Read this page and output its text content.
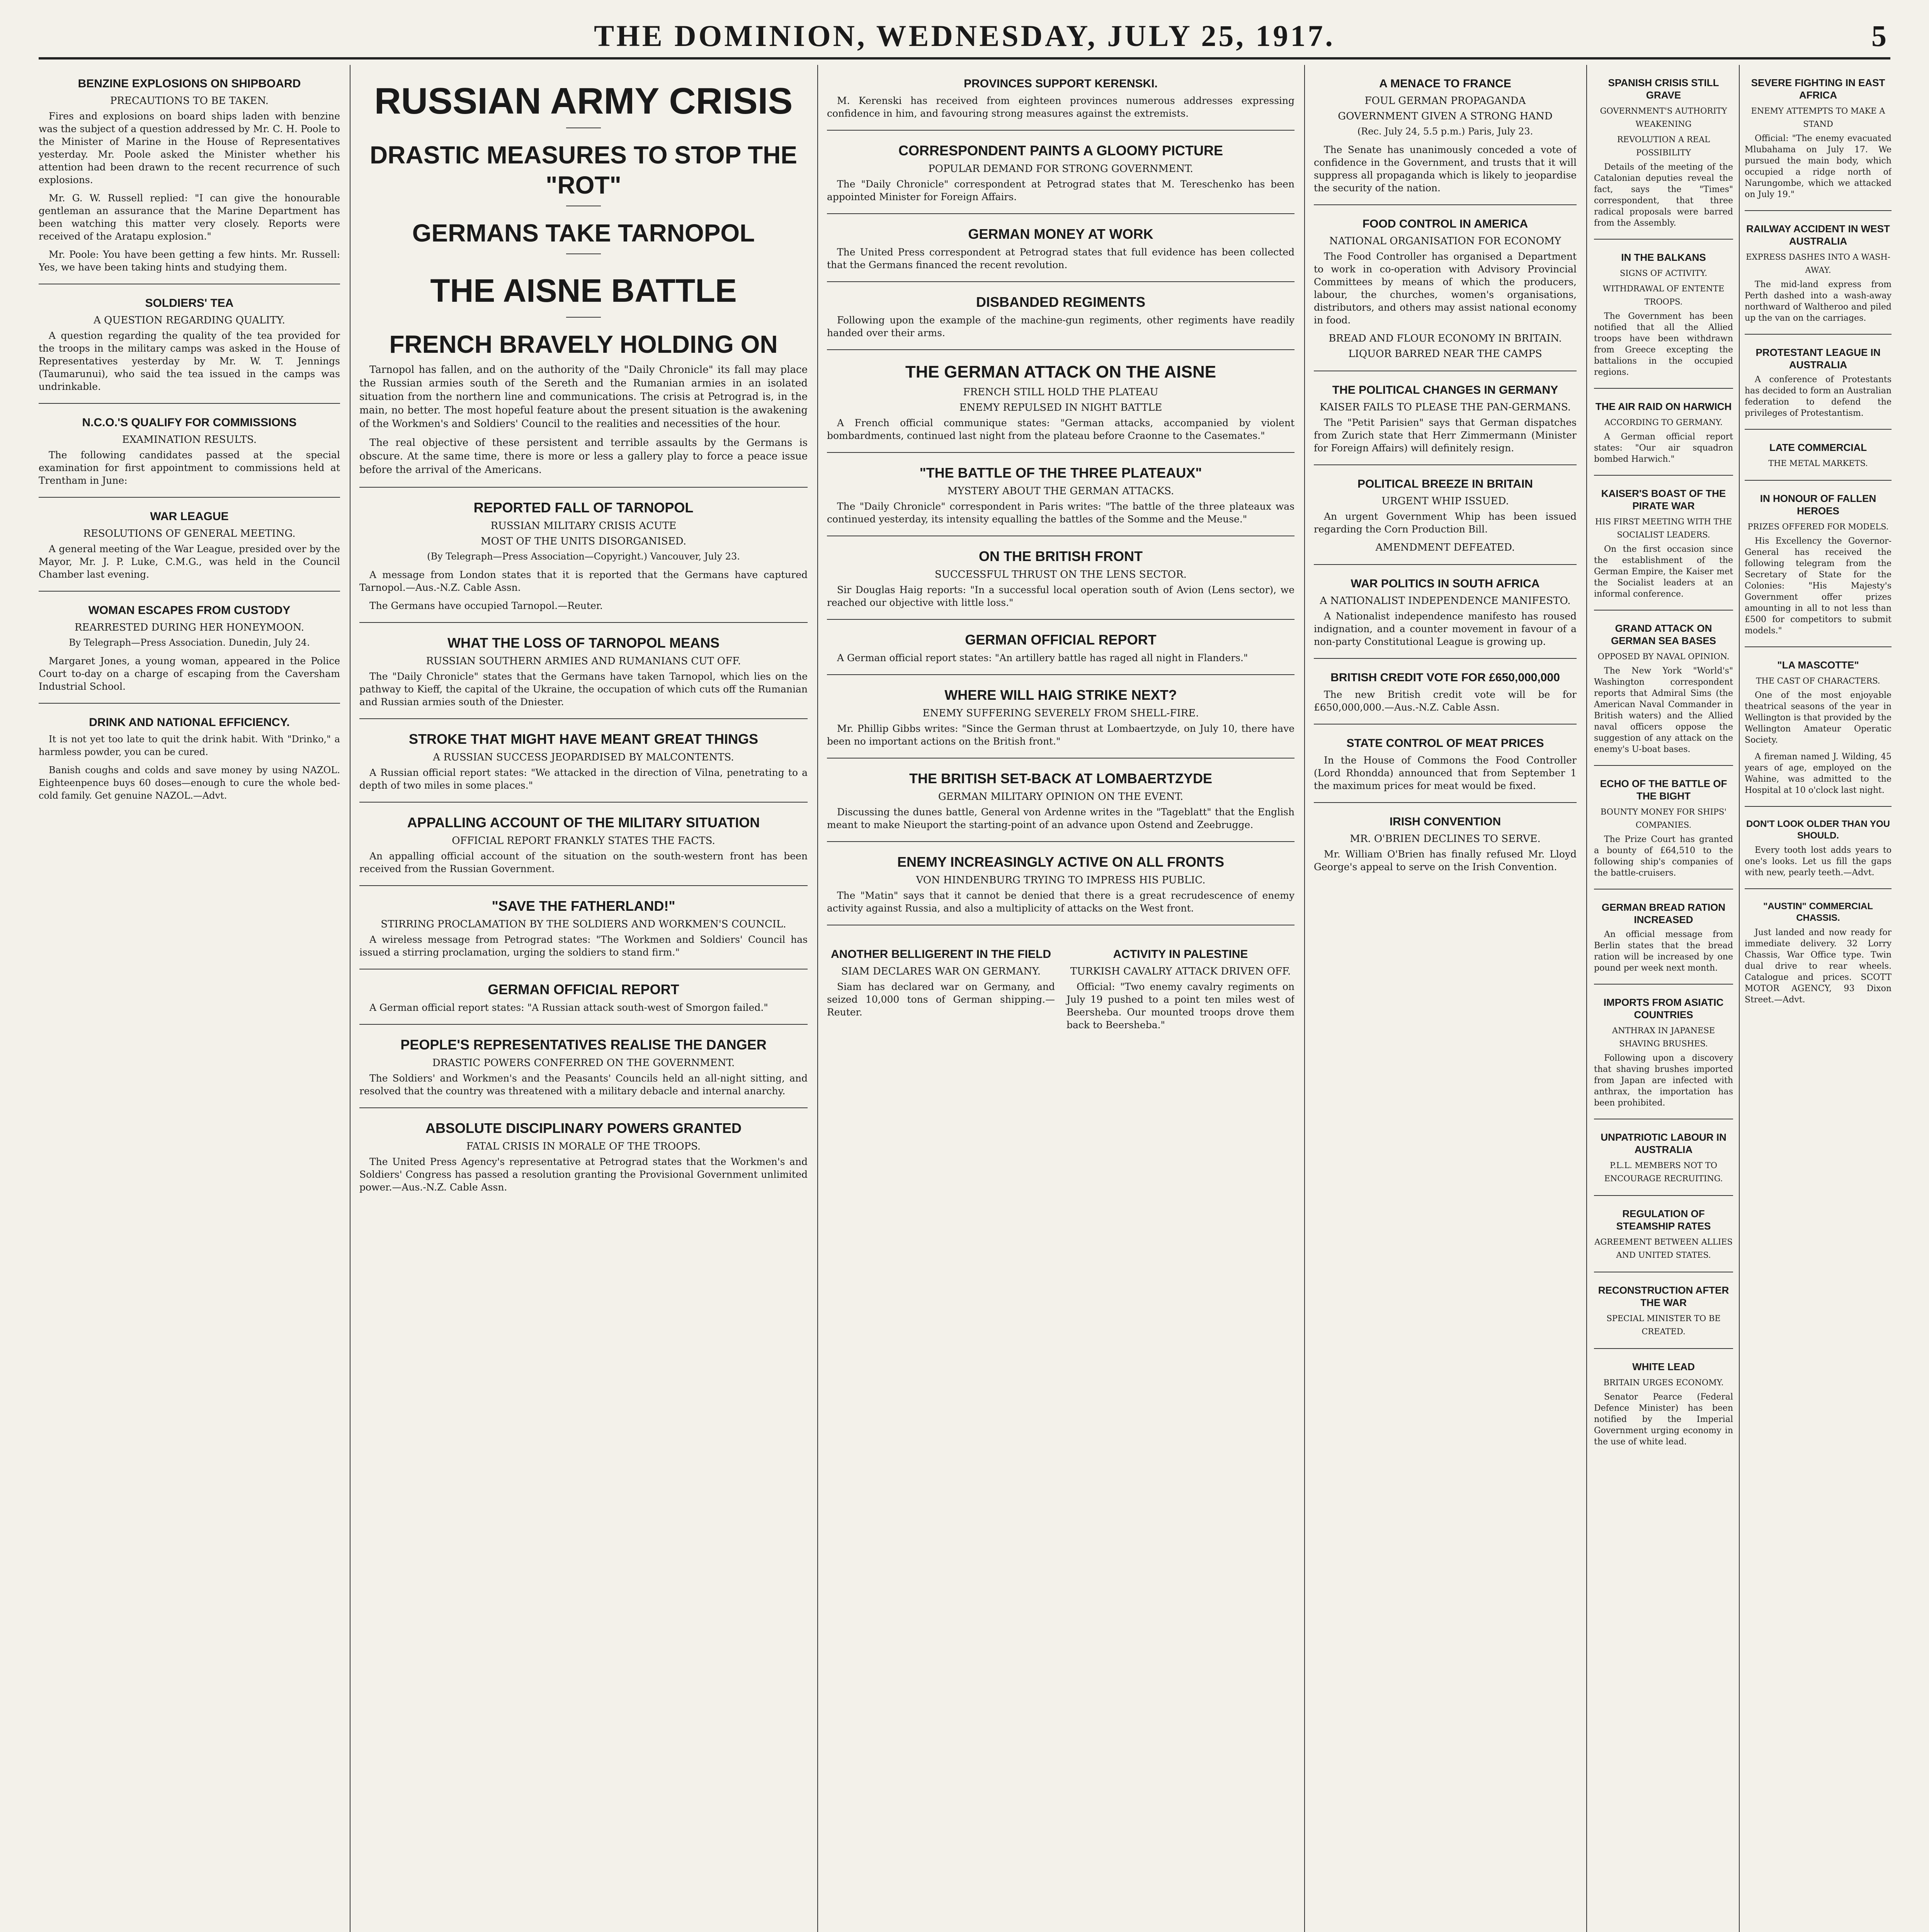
THE DOMINION, WEDNESDAY, JULY 25, 1917.	5
BENZINE EXPLOSIONS ON SHIPBOARD
PRECAUTIONS TO BE TAKEN.

Fires and explosions on board ships laden with benzine was the subject of a question addressed by Mr. C. H. Poole to the Minister of Marine in the House of Representatives yesterday. Mr. Poole asked the Minister whether his attention had been drawn to the recent recurrence of such explosions.

Mr. G. W. Russell replied: "I can give the honourable gentleman an assurance that the Marine Department has been watching this matter very closely. Reports were received of the Aratapu explosion."

Mr. Poole: You have been getting a few hints. Mr. Russell: Yes, we have been taking hints and studying them.

SOLDIERS' TEA
A QUESTION REGARDING QUALITY.

A question regarding the quality of the tea provided for the troops in the military camps was asked in the House of Representatives yesterday by Mr. W. T. Jennings (Taumarunui), who said the tea issued in the camps was undrinkable.

N.C.O.'S QUALIFY FOR COMMISSIONS
EXAMINATION RESULTS.

The following candidates passed at the special examination for first appointment to commissions held at Trentham in June:

WAR LEAGUE
RESOLUTIONS OF GENERAL MEETING.

A general meeting of the War League, presided over by the Mayor, Mr. J. P. Luke, C.M.G., was held in the Council Chamber last evening.

WOMAN ESCAPES FROM CUSTODY
REARRESTED DURING HER HONEYMOON.
By Telegraph—Press Association. Dunedin, July 24.

Margaret Jones, a young woman, appeared in the Police Court to-day on a charge of escaping from the Caversham Industrial School.

DRINK AND NATIONAL EFFICIENCY.

It is not yet too late to quit the drink habit. With "Drinko," a harmless powder, you can be cured.

Banish coughs and colds and save money by using NAZOL. Eighteenpence buys 60 doses—enough to cure the whole bed-cold family. Get genuine NAZOL.—Advt.

RUSSIAN ARMY CRISIS
DRASTIC MEASURES TO STOP THE "ROT"
GERMANS TAKE TARNOPOL
THE AISNE BATTLE
FRENCH BRAVELY HOLDING ON

Tarnopol has fallen, and on the authority of the "Daily Chronicle" its fall may place the Russian armies south of the Sereth and the Rumanian armies in an isolated situation from the northern line and communications. The crisis at Petrograd is, in the main, no better. The most hopeful feature about the present situation is the awakening of the Workmen's and Soldiers' Council to the realities and necessities of the hour.

The real objective of these persistent and terrible assaults by the Germans is obscure. At the same time, there is more or less a gallery play to force a peace issue before the arrival of the Americans.

REPORTED FALL OF TARNOPOL
RUSSIAN MILITARY CRISIS ACUTE
MOST OF THE UNITS DISORGANISED.
(By Telegraph—Press Association—Copyright.) Vancouver, July 23.

A message from London states that it is reported that the Germans have captured Tarnopol.—Aus.-N.Z. Cable Assn.

The Germans have occupied Tarnopol.—Reuter.

WHAT THE LOSS OF TARNOPOL MEANS
RUSSIAN SOUTHERN ARMIES AND RUMANIANS CUT OFF.

The "Daily Chronicle" states that the Germans have taken Tarnopol, which lies on the pathway to Kieff, the capital of the Ukraine, the occupation of which cuts off the Rumanian and Russian armies south of the Dniester.

STROKE THAT MIGHT HAVE MEANT GREAT THINGS
A RUSSIAN SUCCESS JEOPARDISED BY MALCONTENTS.

A Russian official report states: "We attacked in the direction of Vilna, penetrating to a depth of two miles in some places."

APPALLING ACCOUNT OF THE MILITARY SITUATION
OFFICIAL REPORT FRANKLY STATES THE FACTS.

An appalling official account of the situation on the south-western front has been received from the Russian Government.

"SAVE THE FATHERLAND!"
STIRRING PROCLAMATION BY THE SOLDIERS AND WORKMEN'S COUNCIL.

A wireless message from Petrograd states: "The Workmen and Soldiers' Council has issued a stirring proclamation, urging the soldiers to stand firm."

GERMAN OFFICIAL REPORT

A German official report states: "A Russian attack south-west of Smorgon failed."

PEOPLE'S REPRESENTATIVES REALISE THE DANGER
DRASTIC POWERS CONFERRED ON THE GOVERNMENT.

The Soldiers' and Workmen's and the Peasants' Councils held an all-night sitting, and resolved that the country was threatened with a military debacle and internal anarchy.

ABSOLUTE DISCIPLINARY POWERS GRANTED
FATAL CRISIS IN MORALE OF THE TROOPS.

The United Press Agency's representative at Petrograd states that the Workmen's and Soldiers' Congress has passed a resolution granting the Provisional Government unlimited power.—Aus.-N.Z. Cable Assn.

PROVINCES SUPPORT KERENSKI.

M. Kerenski has received from eighteen provinces numerous addresses expressing confidence in him, and favouring strong measures against the extremists.

CORRESPONDENT PAINTS A GLOOMY PICTURE
POPULAR DEMAND FOR STRONG GOVERNMENT.

The "Daily Chronicle" correspondent at Petrograd states that M. Tereschenko has been appointed Minister for Foreign Affairs.

GERMAN MONEY AT WORK

The United Press correspondent at Petrograd states that full evidence has been collected that the Germans financed the recent revolution.

DISBANDED REGIMENTS

Following upon the example of the machine-gun regiments, other regiments have readily handed over their arms.

THE GERMAN ATTACK ON THE AISNE
FRENCH STILL HOLD THE PLATEAU
ENEMY REPULSED IN NIGHT BATTLE

A French official communique states: "German attacks, accompanied by violent bombardments, continued last night from the plateau before Craonne to the Casemates."

"THE BATTLE OF THE THREE PLATEAUX"
MYSTERY ABOUT THE GERMAN ATTACKS.

The "Daily Chronicle" correspondent in Paris writes: "The battle of the three plateaux was continued yesterday, its intensity equalling the battles of the Somme and the Meuse."

ON THE BRITISH FRONT
SUCCESSFUL THRUST ON THE LENS SECTOR.

Sir Douglas Haig reports: "In a successful local operation south of Avion (Lens sector), we reached our objective with little loss."

GERMAN OFFICIAL REPORT

A German official report states: "An artillery battle has raged all night in Flanders."

WHERE WILL HAIG STRIKE NEXT?
ENEMY SUFFERING SEVERELY FROM SHELL-FIRE.

Mr. Phillip Gibbs writes: "Since the German thrust at Lombaertzyde, on July 10, there have been no important actions on the British front."

THE BRITISH SET-BACK AT LOMBAERTZYDE
GERMAN MILITARY OPINION ON THE EVENT.

Discussing the dunes battle, General von Ardenne writes in the "Tageblatt" that the English meant to make Nieuport the starting-point of an advance upon Ostend and Zeebrugge.

ENEMY INCREASINGLY ACTIVE ON ALL FRONTS
VON HINDENBURG TRYING TO IMPRESS HIS PUBLIC.

The "Matin" says that it cannot be denied that there is a great recrudescence of enemy activity against Russia, and also a multiplicity of attacks on the West front.

ANOTHER BELLIGERENT IN THE FIELD
SIAM DECLARES WAR ON GERMANY.

Siam has declared war on Germany, and seized 10,000 tons of German shipping.—Reuter.

ACTIVITY IN PALESTINE
TURKISH CAVALRY ATTACK DRIVEN OFF.

Official: "Two enemy cavalry regiments on July 19 pushed to a point ten miles west of Beersheba. Our mounted troops drove them back to Beersheba."

A MENACE TO FRANCE
FOUL GERMAN PROPAGANDA
GOVERNMENT GIVEN A STRONG HAND
(Rec. July 24, 5.5 p.m.) Paris, July 23.

The Senate has unanimously conceded a vote of confidence in the Government, and trusts that it will suppress all propaganda which is likely to jeopardise the security of the nation.

FOOD CONTROL IN AMERICA
NATIONAL ORGANISATION FOR ECONOMY

The Food Controller has organised a Department to work in co-operation with Advisory Provincial Committees by means of which the producers, labour, the churches, women's organisations, distributors, and others may assist national economy in food.

BREAD AND FLOUR ECONOMY IN BRITAIN.
LIQUOR BARRED NEAR THE CAMPS
THE POLITICAL CHANGES IN GERMANY
KAISER FAILS TO PLEASE THE PAN-GERMANS.

The "Petit Parisien" says that German dispatches from Zurich state that Herr Zimmermann (Minister for Foreign Affairs) will definitely resign.

POLITICAL BREEZE IN BRITAIN
URGENT WHIP ISSUED.

An urgent Government Whip has been issued regarding the Corn Production Bill.

AMENDMENT DEFEATED.
WAR POLITICS IN SOUTH AFRICA
A NATIONALIST INDEPENDENCE MANIFESTO.

A Nationalist independence manifesto has roused indignation, and a counter movement in favour of a non-party Constitutional League is growing up.

BRITISH CREDIT VOTE FOR £650,000,000

The new British credit vote will be for £650,000,000.—Aus.-N.Z. Cable Assn.

STATE CONTROL OF MEAT PRICES

In the House of Commons the Food Controller (Lord Rhondda) announced that from September 1 the maximum prices for meat would be fixed.

IRISH CONVENTION
MR. O'BRIEN DECLINES TO SERVE.

Mr. William O'Brien has finally refused Mr. Lloyd George's appeal to serve on the Irish Convention.

SPANISH CRISIS STILL GRAVE
GOVERNMENT'S AUTHORITY WEAKENING
REVOLUTION A REAL POSSIBILITY

Details of the meeting of the Catalonian deputies reveal the fact, says the "Times" correspondent, that three radical proposals were barred from the Assembly.

IN THE BALKANS
SIGNS OF ACTIVITY.
WITHDRAWAL OF ENTENTE TROOPS.

The Government has been notified that all the Allied troops have been withdrawn from Greece excepting the battalions in the occupied regions.

THE AIR RAID ON HARWICH
ACCORDING TO GERMANY.

A German official report states: "Our air squadron bombed Harwich."

KAISER'S BOAST OF THE PIRATE WAR
HIS FIRST MEETING WITH THE SOCIALIST LEADERS.

On the first occasion since the establishment of the German Empire, the Kaiser met the Socialist leaders at an informal conference.

GRAND ATTACK ON GERMAN SEA BASES
OPPOSED BY NAVAL OPINION.

The New York "World's" Washington correspondent reports that Admiral Sims (the American Naval Commander in British waters) and the Allied naval officers oppose the suggestion of any attack on the enemy's U-boat bases.

ECHO OF THE BATTLE OF THE BIGHT
BOUNTY MONEY FOR SHIPS' COMPANIES.

The Prize Court has granted a bounty of £64,510 to the following ship's companies of the battle-cruisers.

GERMAN BREAD RATION INCREASED

An official message from Berlin states that the bread ration will be increased by one pound per week next month.

IMPORTS FROM ASIATIC COUNTRIES
ANTHRAX IN JAPANESE SHAVING BRUSHES.

Following upon a discovery that shaving brushes imported from Japan are infected with anthrax, the importation has been prohibited.

UNPATRIOTIC LABOUR IN AUSTRALIA
P.L.L. MEMBERS NOT TO ENCOURAGE RECRUITING.
REGULATION OF STEAMSHIP RATES
AGREEMENT BETWEEN ALLIES AND UNITED STATES.
RECONSTRUCTION AFTER THE WAR
SPECIAL MINISTER TO BE CREATED.
WHITE LEAD
BRITAIN URGES ECONOMY.

Senator Pearce (Federal Defence Minister) has been notified by the Imperial Government urging economy in the use of white lead.

SEVERE FIGHTING IN EAST AFRICA
ENEMY ATTEMPTS TO MAKE A STAND

Official: "The enemy evacuated Mlubahama on July 17. We pursued the main body, which occupied a ridge north of Narungombe, which we attacked on July 19."

RAILWAY ACCIDENT IN WEST AUSTRALIA
EXPRESS DASHES INTO A WASH-AWAY.

The mid-land express from Perth dashed into a wash-away northward of Waltheroo and piled up the van on the carriages.

PROTESTANT LEAGUE IN AUSTRALIA

A conference of Protestants has decided to form an Australian federation to defend the privileges of Protestantism.

LATE COMMERCIAL
THE METAL MARKETS.
IN HONOUR OF FALLEN HEROES
PRIZES OFFERED FOR MODELS.

His Excellency the Governor-General has received the following telegram from the Secretary of State for the Colonies: "His Majesty's Government offer prizes amounting in all to not less than £500 for competitors to submit models."

"LA MASCOTTE"
THE CAST OF CHARACTERS.

One of the most enjoyable theatrical seasons of the year in Wellington is that provided by the Wellington Amateur Operatic Society.

A fireman named J. Wilding, 45 years of age, employed on the Wahine, was admitted to the Hospital at 10 o'clock last night.

DON'T LOOK OLDER THAN YOU SHOULD.

Every tooth lost adds years to one's looks. Let us fill the gaps with new, pearly teeth.—Advt.

"AUSTIN" COMMERCIAL CHASSIS.

Just landed and now ready for immediate delivery. 32 Lorry Chassis, War Office type. Twin dual drive to rear wheels. Catalogue and prices. SCOTT MOTOR AGENCY, 93 Dixon Street.—Advt.
